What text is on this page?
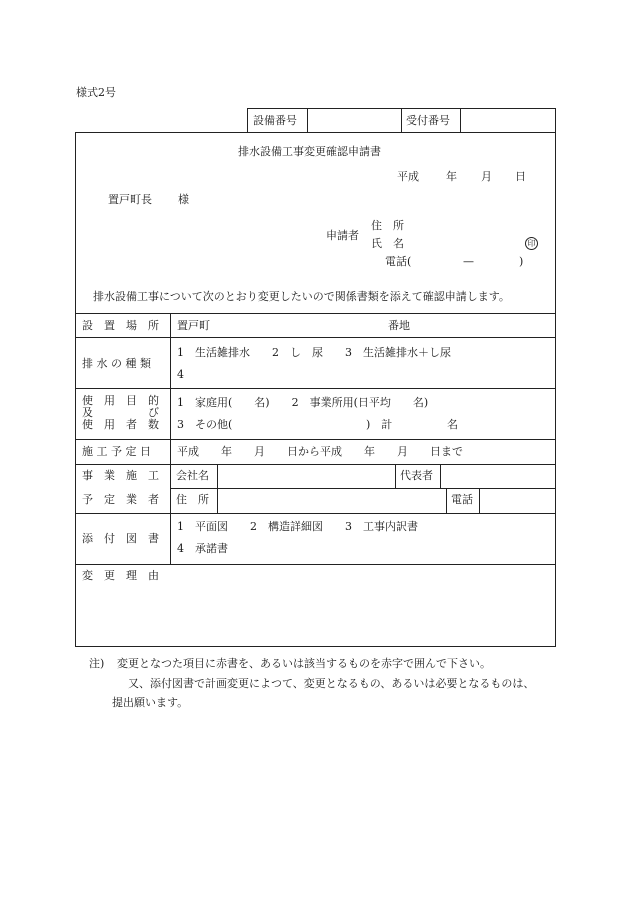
様式2号
設備番号	受付番号
排水設備工事変更確認申請書
平成 年 月 日
置戸町長 様
申請者
住　所
氏　名	印
電話(	—	)
排水設備工事について次のとおり変更したいので関係書類を添えて確認申請します。
設　置　場　所 置戸町	番地
排 水 の 種 類
1　生活雑排水　　2　し　尿　　3　生活雑排水＋し尿
4
使　用　目　的
及　　　　　び
使　用　者　数
1　家庭用(　　名)　　2　事業所用(日平均　　名)
3　その他(	)　計	名
施 工 予 定 日 平成　　年　　月　　日から平成　　年　　月　　日まで
事　業　施　工
予　定　業　者
会社名	代表者
住　所	電話
添　付　図　書
1　平面図　　2　構造詳細図　　3　工事内訳書
4　承諾書
変　更　理　由
注) 変更となつた項目に赤書を、あるいは該当するものを赤字で囲んで下さい。
又、添付図書で計画変更によつて、変更となるもの、あるいは必要となるものは、
提出願います。
